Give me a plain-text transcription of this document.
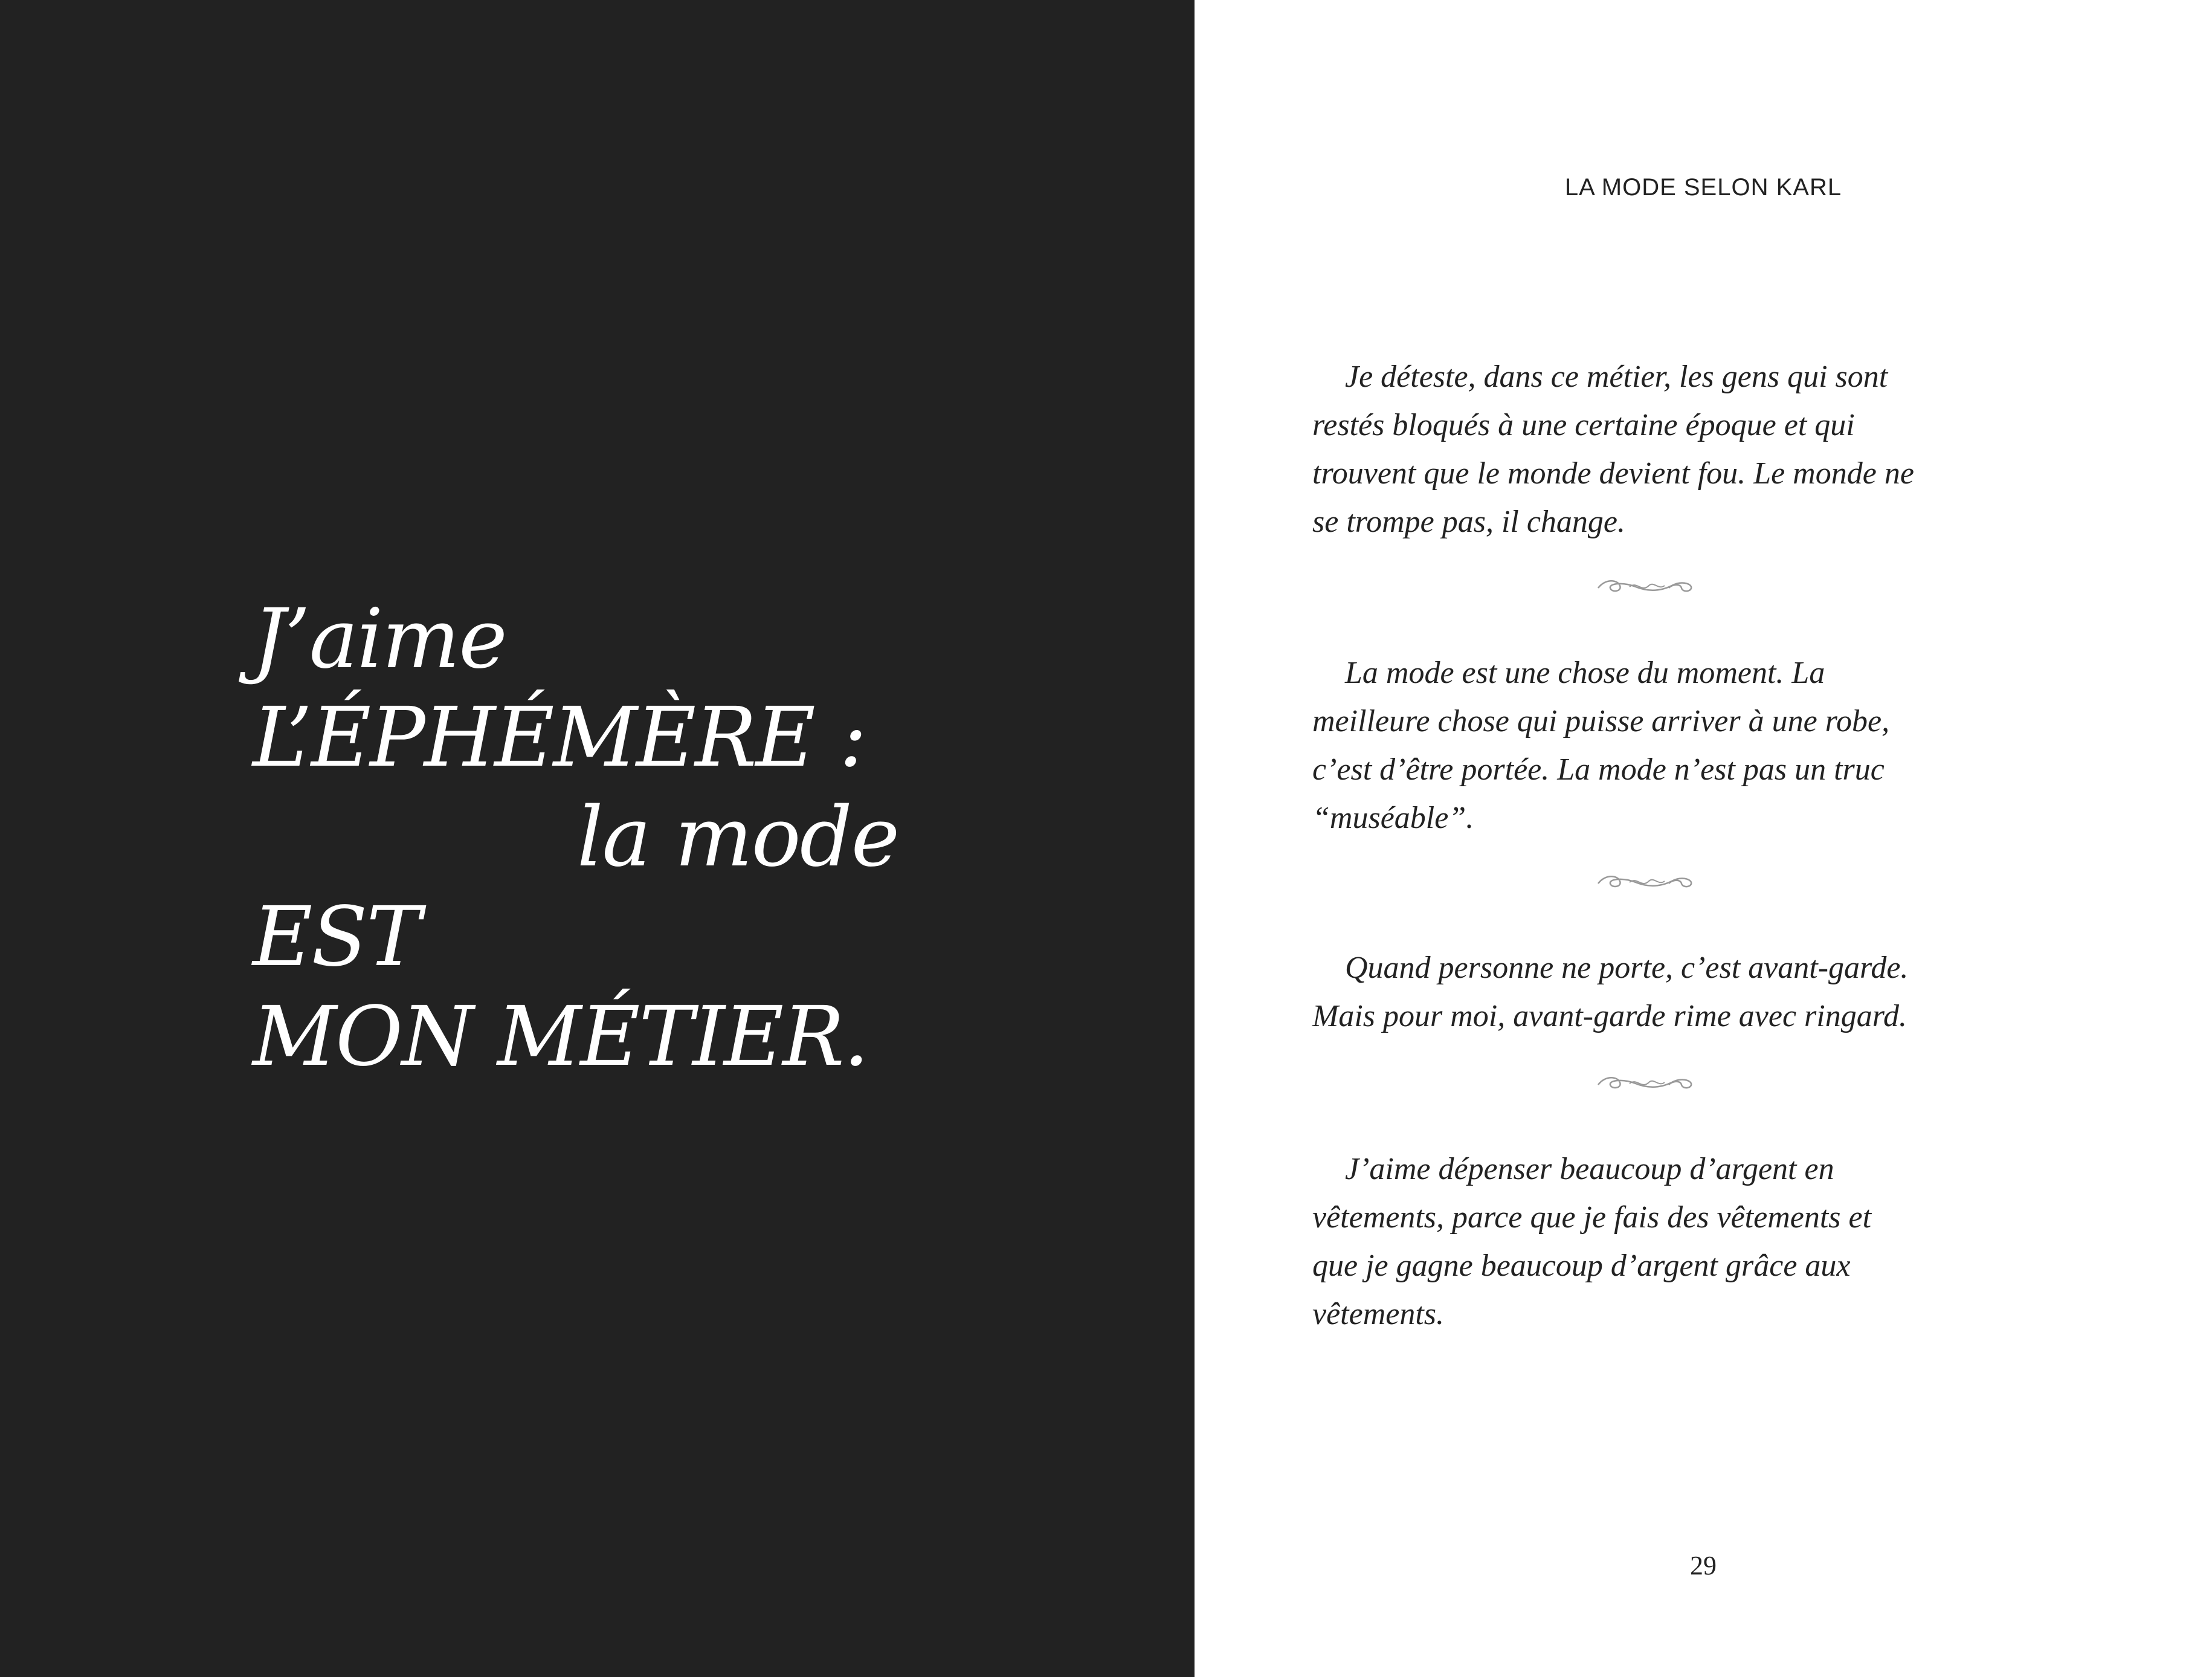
J’aime
L’ÉPHÉMÈRE :
la mode
EST
MON MÉTIER.
LA MODE SELON KARL
Je déteste, dans ce métier, les gens qui sont
restés bloqués à une certaine époque et qui
trouvent que le monde devient fou. Le monde ne
se trompe pas, il change.
La mode est une chose du moment. La
meilleure chose qui puisse arriver à une robe,
c’est d’être portée. La mode n’est pas un truc
“muséable”.
Quand personne ne porte, c’est avant-garde.
Mais pour moi, avant-garde rime avec ringard.
J’aime dépenser beaucoup d’argent en
vêtements, parce que je fais des vêtements et
que je gagne beaucoup d’argent grâce aux
vêtements.
29
